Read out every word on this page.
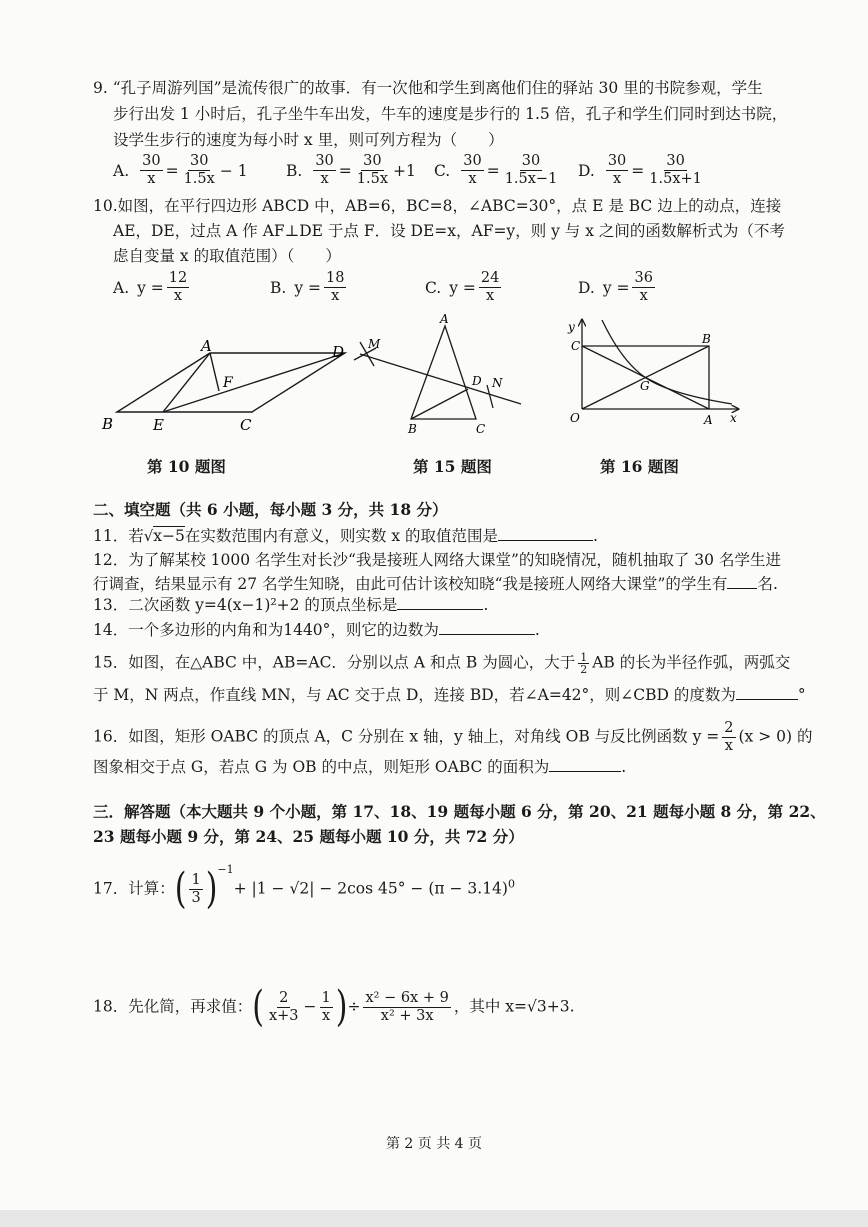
9. “孔子周游列国”是流传很广的故事．有一次他和学生到离他们住的驿站 30 里的书院参观，学生
步行出发 1 小时后，孔子坐牛车出发，牛车的速度是步行的 1.5 倍，孔子和学生们同时到达书院，
设学生步行的速度为每小时 x 里，则可列方程为（　　）
A. $\frac{30}{x} = \frac{30}{1.5x} - 1$ B. $\frac{30}{x} = \frac{30}{1.5x} +1$ C. $\frac{30}{x} = \frac{30}{1.5x-1} D$. $\frac{30}{x} = \frac{30}{1.5x+1}$
10.如图，在平行四边形 ABCD 中，AB=6，BC=8，∠ABC=30°，点 E 是 BC 边上的动点，连接
AE，DE，过点 A 作 AF⊥DE 于点 F．设 DE=x，AF=y，则 y 与 x 之间的函数解析式为（不考
虑自变量 x 的取值范围）（　　）
A. $y = \frac{12}{x}$	B. $y = \frac{18}{x}$	C. $y = \frac{24}{x}$	D. $y = \frac{36}{x}$
A	D
F
B	E	C
M
A
D N
B	C
y
C	B
G
O	A x
第 10 题图	第 15 题图	第 16 题图
二、填空题（共 6 小题，每小题 3 分，共 18 分）
11．若√x−5在实数范围内有意义，则实数 x 的取值范围是	.
12．为了解某校 1000 名学生对长沙“我是接班人网络大课堂”的知晓情况，随机抽取了 30 名学生进
行调查，结果显示有 27 名学生知晓，由此可估计该校知晓“我是接班人网络大课堂”的学生有 名.
13．二次函数 y=4(x−1)²+2 的顶点坐标是	.
14．一个多边形的内角和为1440°，则它的边数为	.
15．如图，在△ABC 中，AB=AC．分别以点 A 和点 B 为圆心，大于 $\frac{1}{2}$ AB 的长为半径作弧，两弧交
于 M，N 两点，作直线 MN，与 AC 交于点 D，连接 BD，若∠A=42°，则∠CBD 的度数为	°
16．如图，矩形 OABC 的顶点 A，C 分别在 x 轴，y 轴上，对角线 OB 与反比例函数 $y = \frac{2}{x} (x > 0)$ 的
图象相交于点 G，若点 G 为 OB 的中点，则矩形 OABC 的面积为	.
三．解答题（本大题共 9 个小题，第 17、18、19 题每小题 6 分，第 20、21 题每小题 8 分，第 22、
23 题每小题 9 分，第 24、25 题每小题 10 分，共 72 分）
17．计算：( $\frac{1}{3} )^{-1}+ |1 - √2| - 2\cos$ $45^\circ - (\pi - 3.14)^0$
18．先化简，再求值：( $\frac{2}{x+3} - \frac{1}{x}$ )÷ $\frac{\text{x² − 6x + 9}}{\text{x² + 3x}}$ ，其中 x=√3+3.
第 2 页 共 4 页
